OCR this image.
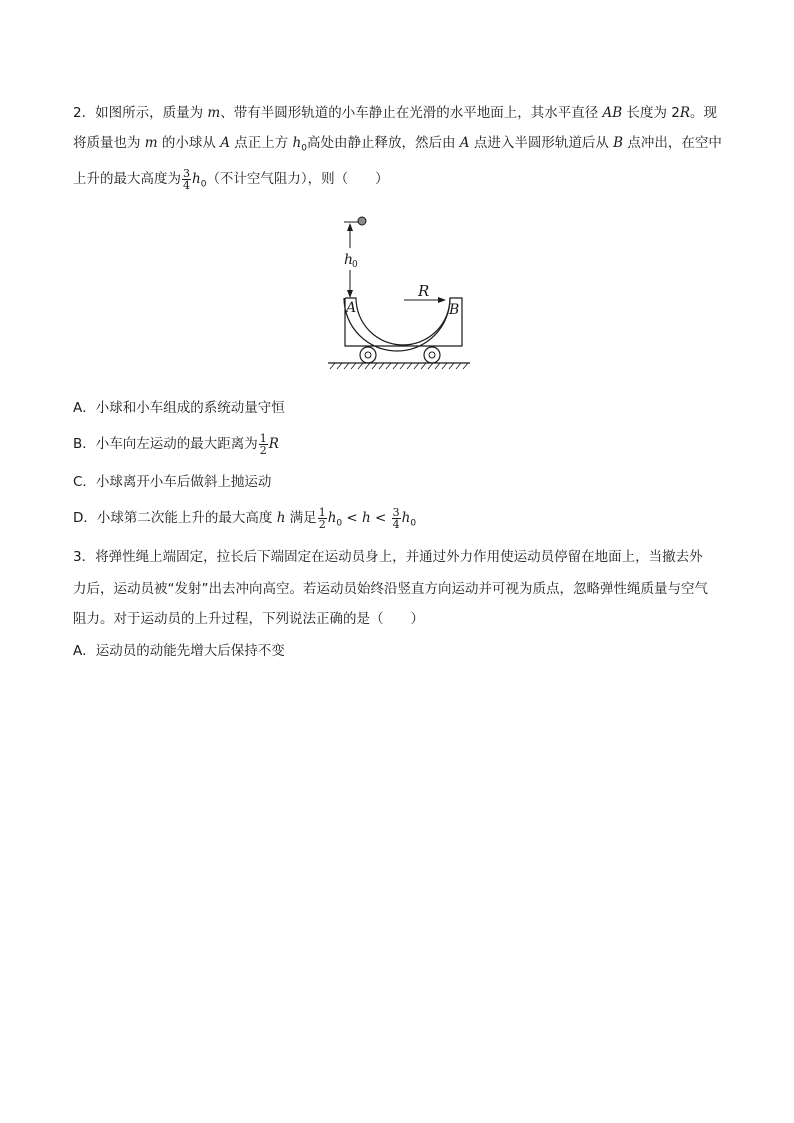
2．如图所示，质量为 m、带有半圆形轨道的小车静止在光滑的水平地面上，其水平直径 AB 长度为 2R。现
将质量也为 m 的小球从 A 点正上方 $h_0$高处由静止释放，然后由 A 点进入半圆形轨道后从 B 点冲出，在空中
上升的最大高度为 $\frac{3}{4} h_0$（不计空气阻力），则（　　）
h
0
A	B
R
A．小球和小车组成的系统动量守恒
B．小车向左运动的最大距离为 $\frac{1}{2}$ R
C．小球离开小车后做斜上抛运动
D．小球第二次能上升的最大高度 h 满足 $\frac{1}{2} h_0 < h < \frac{3}{4} h_0$
3．将弹性绳上端固定，拉长后下端固定在运动员身上，并通过外力作用使运动员停留在地面上，当撤去外
力后，运动员被“发射”出去冲向高空。若运动员始终沿竖直方向运动并可视为质点，忽略弹性绳质量与空气
阻力。对于运动员的上升过程，下列说法正确的是（　　）
A．运动员的动能先增大后保持不变
